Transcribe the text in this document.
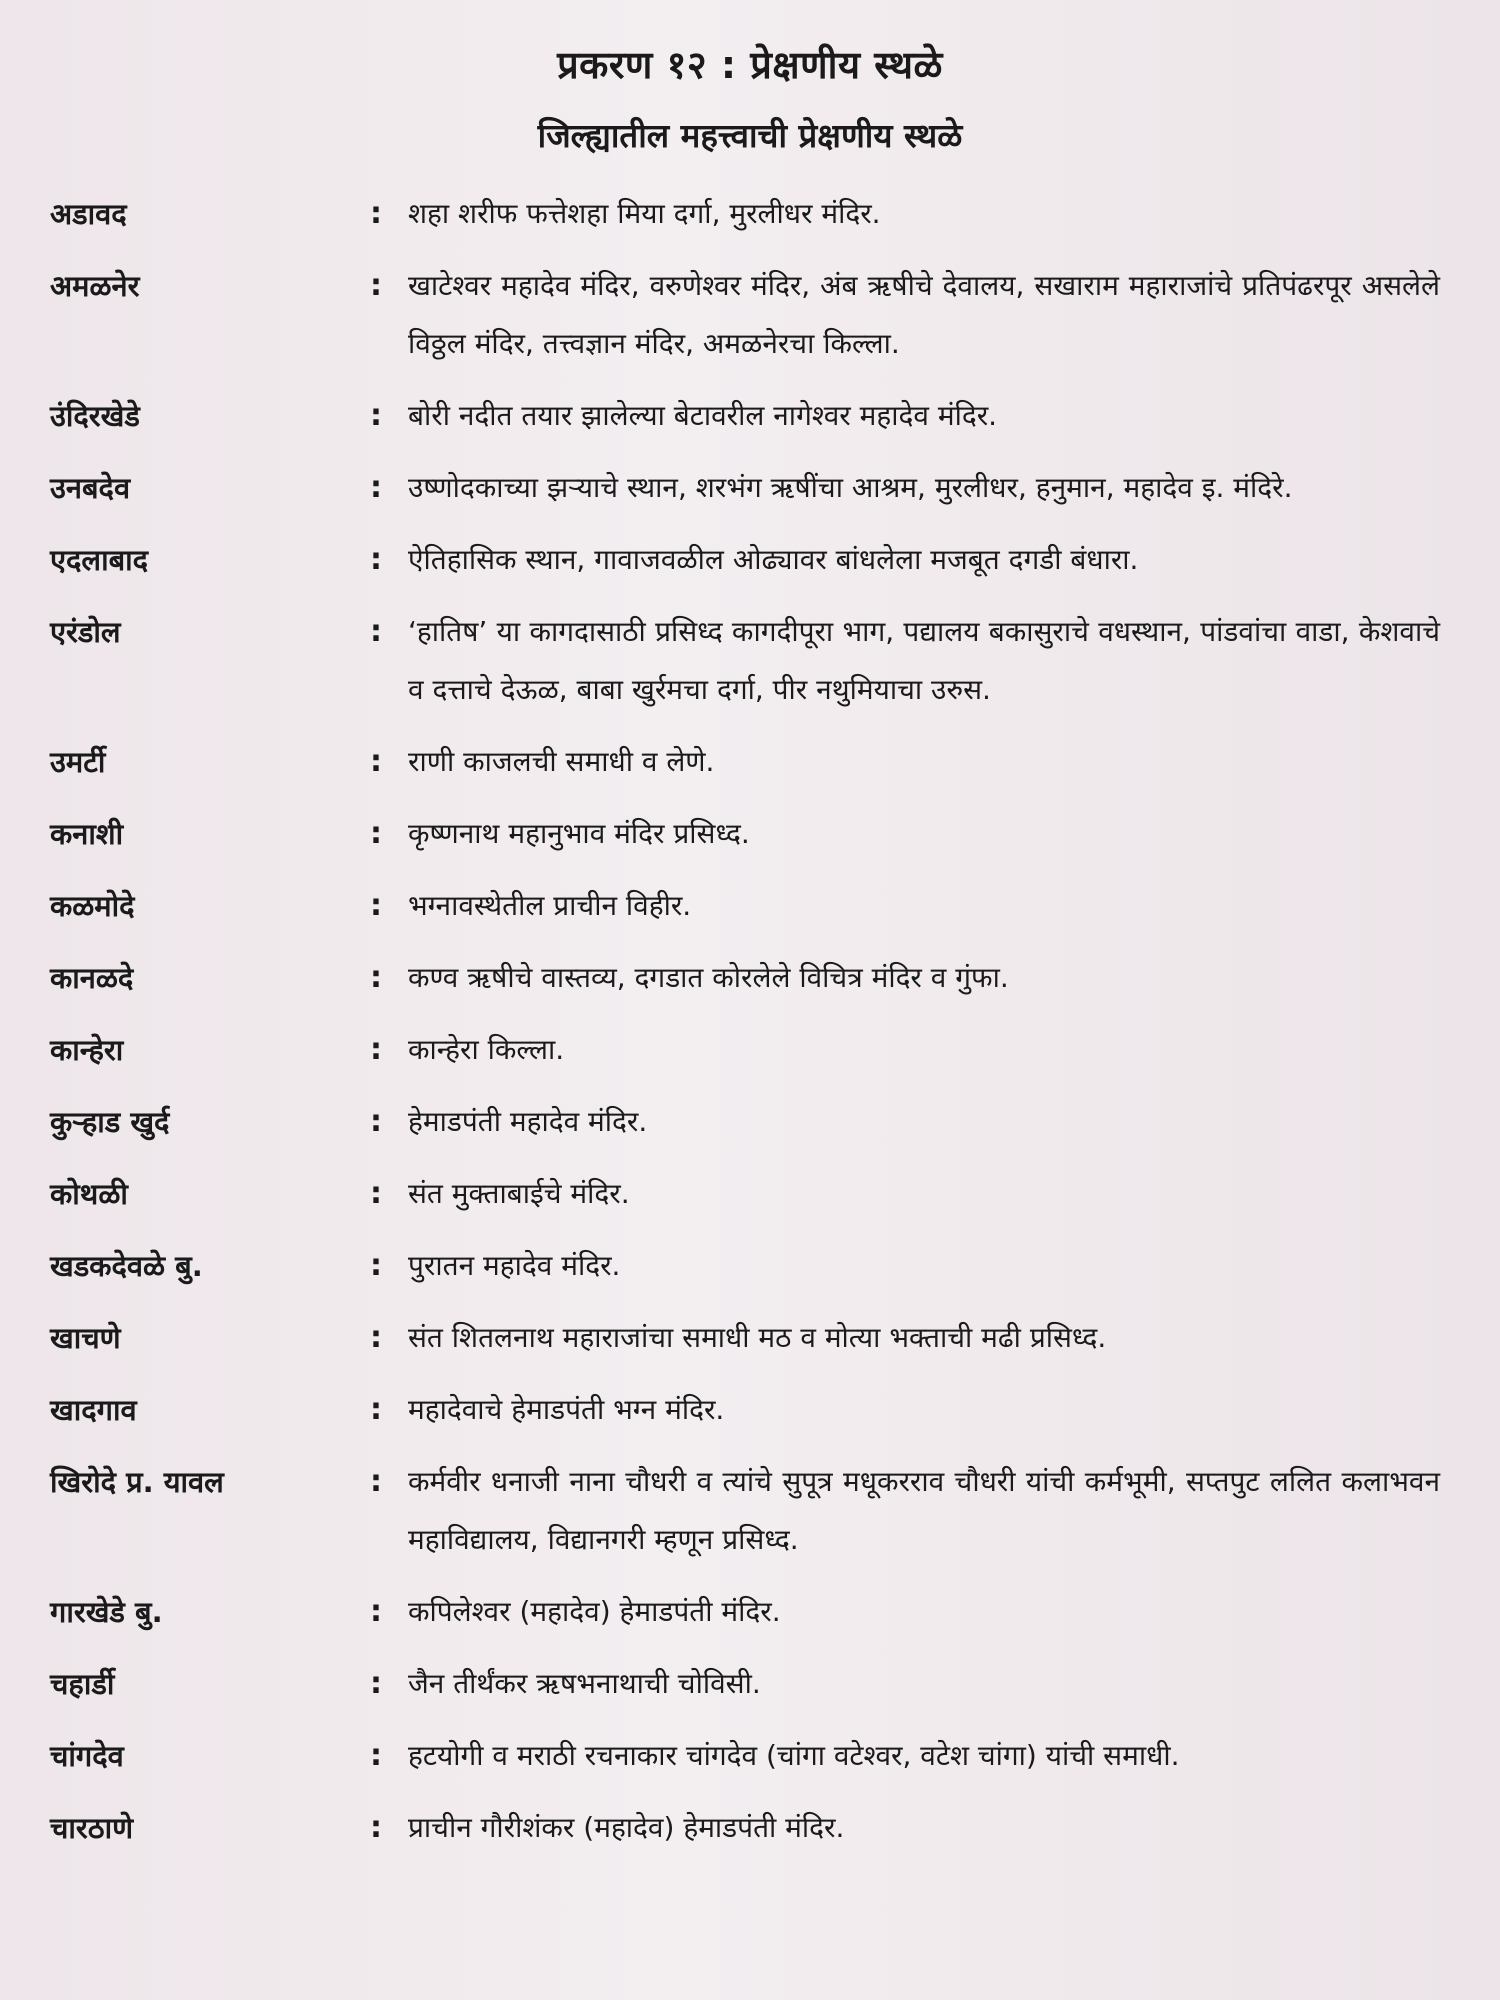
प्रकरण १२ : प्रेक्षणीय स्थळे
जिल्ह्यातील महत्त्वाची प्रेक्षणीय स्थळे
अडावद	: शहा शरीफ फत्तेशहा मिया दर्गा, मुरलीधर मंदिर.
अमळनेर	: खाटेश्वर महादेव मंदिर, वरुणेश्वर मंदिर, अंब ऋषीचे देवालय, सखाराम महाराजांचे प्रतिपंढरपूर असलेले विठ्ठल मंदिर, तत्त्वज्ञान मंदिर, अमळनेरचा किल्ला.
उंदिरखेडे	: बोरी नदीत तयार झालेल्या बेटावरील नागेश्वर महादेव मंदिर.
उनबदेव	: उष्णोदकाच्या झऱ्याचे स्थान, शरभंग ऋषींचा आश्रम, मुरलीधर, हनुमान, महादेव इ. मंदिरे.
एदलाबाद	: ऐतिहासिक स्थान, गावाजवळील ओढ्यावर बांधलेला मजबूत दगडी बंधारा.
एरंडोल	: ‘हातिष’ या कागदासाठी प्रसिध्द कागदीपूरा भाग, पद्यालय बकासुराचे वधस्थान, पांडवांचा वाडा, केशवाचे व दत्ताचे देऊळ, बाबा खुर्रमचा दर्गा, पीर नथुमियाचा उरुस.
उमर्टी	: राणी काजलची समाधी व लेणे.
कनाशी	: कृष्णनाथ महानुभाव मंदिर प्रसिध्द.
कळमोदे	: भग्नावस्थेतील प्राचीन विहीर.
कानळदे	: कण्व ऋषीचे वास्तव्य, दगडात कोरलेले विचित्र मंदिर व गुंफा.
कान्हेरा	: कान्हेरा किल्ला.
कुऱ्हाड खुर्द	: हेमाडपंती महादेव मंदिर.
कोथळी	: संत मुक्ताबाईचे मंदिर.
खडकदेवळे बु.	: पुरातन महादेव मंदिर.
खाचणे	: संत शितलनाथ महाराजांचा समाधी मठ व मोत्या भक्ताची मढी प्रसिध्द.
खादगाव	: महादेवाचे हेमाडपंती भग्न मंदिर.
खिरोदे प्र. यावल	: कर्मवीर धनाजी नाना चौधरी व त्यांचे सुपूत्र मधूकरराव चौधरी यांची कर्मभूमी, सप्तपुट ललित कलाभवन महाविद्यालय, विद्यानगरी म्हणून प्रसिध्द.
गारखेडे बु.	: कपिलेश्वर (महादेव) हेमाडपंती मंदिर.
चहार्डी	: जैन तीर्थंकर ऋषभनाथाची चोविसी.
चांगदेव	: हटयोगी व मराठी रचनाकार चांगदेव (चांगा वटेश्वर, वटेश चांगा) यांची समाधी.
चारठाणे	: प्राचीन गौरीशंकर (महादेव) हेमाडपंती मंदिर.
